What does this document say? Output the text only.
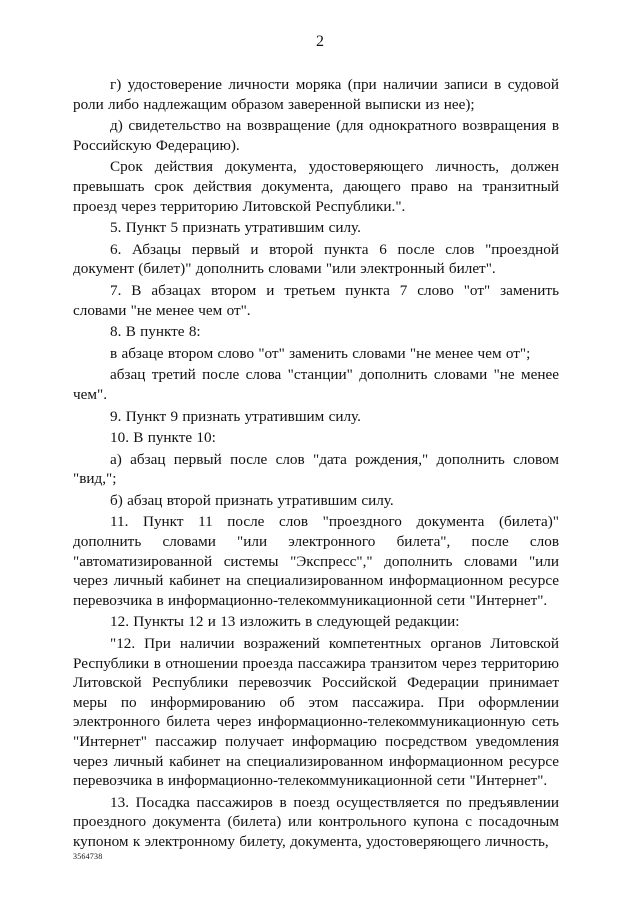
2

г) удостоверение личности моряка (при наличии записи в судовой роли либо надлежащим образом заверенной выписки из нее);

д) свидетельство на возвращение (для однократного возвращения в Российскую Федерацию).

Срок действия документа, удостоверяющего личность, должен превышать срок действия документа, дающего право на транзитный проезд через территорию Литовской Республики.".

5. Пункт 5 признать утратившим силу.

6. Абзацы первый и второй пункта 6 после слов "проездной документ (билет)" дополнить словами "или электронный билет".

7. В абзацах втором и третьем пункта 7 слово "от" заменить словами "не менее чем от".

8. В пункте 8:

в абзаце втором слово "от" заменить словами "не менее чем от";

абзац третий после слова "станции" дополнить словами "не менее чем".

9. Пункт 9 признать утратившим силу.

10. В пункте 10:

а) абзац первый после слов "дата рождения," дополнить словом "вид,";

б) абзац второй признать утратившим силу.

11. Пункт 11 после слов "проездного документа (билета)" дополнить словами "или электронного билета", после слов "автоматизированной системы "Экспресс"," дополнить словами "или через личный кабинет на специализированном информационном ресурсе перевозчика в информационно-телекоммуникационной сети "Интернет".

12. Пункты 12 и 13 изложить в следующей редакции:

"12. При наличии возражений компетентных органов Литовской Республики в отношении проезда пассажира транзитом через территорию Литовской Республики перевозчик Российской Федерации принимает меры по информированию об этом пассажира. При оформлении электронного билета через информационно-телекоммуникационную сеть "Интернет" пассажир получает информацию посредством уведомления через личный кабинет на специализированном информационном ресурсе перевозчика в информационно-телекоммуникационной сети "Интернет".

13. Посадка пассажиров в поезд осуществляется по предъявлении проездного документа (билета) или контрольного купона с посадочным купоном к электронному билету, документа, удостоверяющего личность,

3564738
